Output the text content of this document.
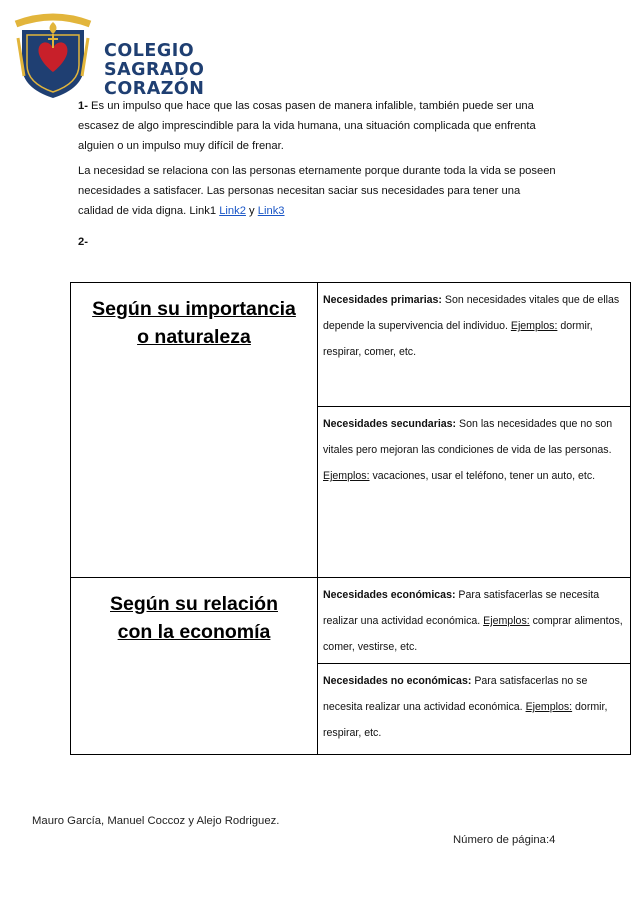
COLEGIO
SAGRADO
CORAZÓN
1- Es un impulso que hace que las cosas pasen de manera infalible, también puede ser una escasez de algo imprescindible para la vida humana, una situación complicada que enfrenta alguien o un impulso muy difícil de frenar.
La necesidad se relaciona con las personas eternamente porque durante toda la vida se poseen necesidades a satisfacer. Las personas necesitan saciar sus necesidades para tener una calidad de vida digna. Link1 Link2 y Link3
2-
Según su importancia
o naturaleza	Necesidades primarias: Son necesidades vitales que de ellas depende la supervivencia del individuo. Ejemplos: dormir, respirar, comer, etc.

	Necesidades secundarias: Son las necesidades que no son vitales pero mejoran las condiciones de vida de las personas. Ejemplos: vacaciones, usar el teléfono, tener un auto, etc.

Según su relación
con la economía	Necesidades económicas: Para satisfacerlas se necesita realizar una actividad económica. Ejemplos: comprar alimentos, comer, vestirse, etc.

	Necesidades no económicas: Para satisfacerlas no se necesita realizar una actividad económica. Ejemplos: dormir, respirar, etc.
Mauro García, Manuel Coccoz y Alejo Rodriguez.
Número de página:4
